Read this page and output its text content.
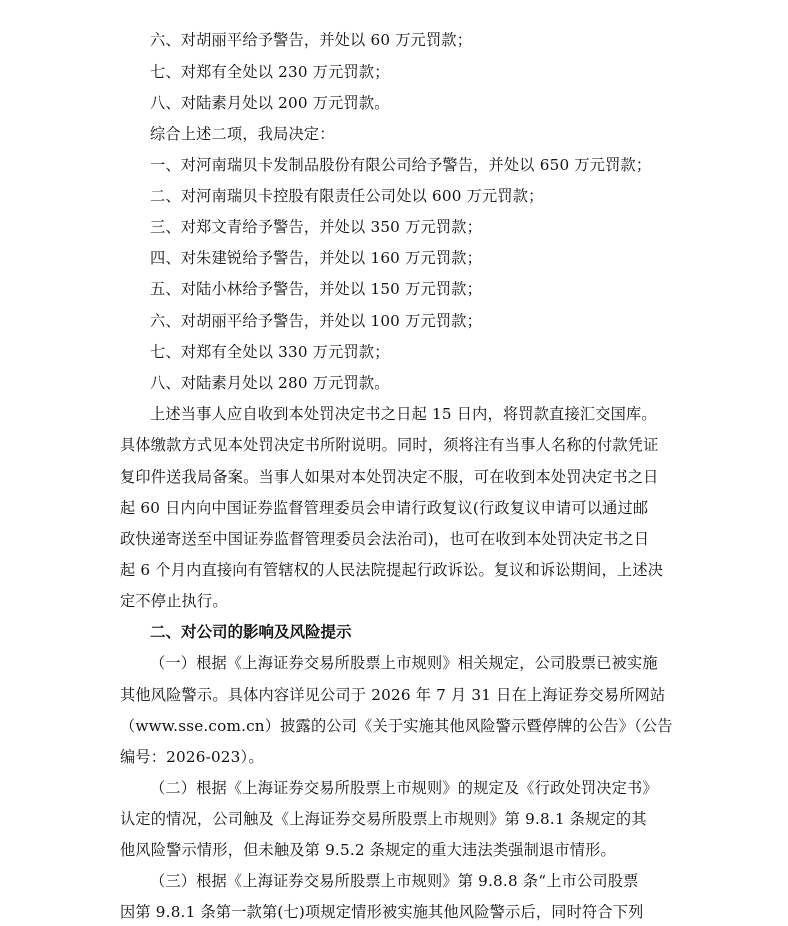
六、对胡丽平给予警告，并处以 60 万元罚款；
七、对郑有全处以 230 万元罚款；
八、对陆素月处以 200 万元罚款。
综合上述二项，我局决定：
一、对河南瑞贝卡发制品股份有限公司给予警告，并处以 650 万元罚款；
二、对河南瑞贝卡控股有限责任公司处以 600 万元罚款；
三、对郑文青给予警告，并处以 350 万元罚款；
四、对朱建锐给予警告，并处以 160 万元罚款；
五、对陆小林给予警告，并处以 150 万元罚款；
六、对胡丽平给予警告，并处以 100 万元罚款；
七、对郑有全处以 330 万元罚款；
八、对陆素月处以 280 万元罚款。
上述当事人应自收到本处罚决定书之日起 15 日内，将罚款直接汇交国库。
具体缴款方式见本处罚决定书所附说明。同时，须将注有当事人名称的付款凭证
复印件送我局备案。当事人如果对本处罚决定不服，可在收到本处罚决定书之日
起 60 日内向中国证券监督管理委员会申请行政复议(行政复议申请可以通过邮
政快递寄送至中国证券监督管理委员会法治司)，也可在收到本处罚决定书之日
起 6 个月内直接向有管辖权的人民法院提起行政诉讼。复议和诉讼期间，上述决
定不停止执行。
二、对公司的影响及风险提示
（一）根据《上海证券交易所股票上市规则》相关规定，公司股票已被实施
其他风险警示。具体内容详见公司于 2026 年 7 月 31 日在上海证券交易所网站
（www.sse.com.cn）披露的公司《关于实施其他风险警示暨停牌的公告》（公告
编号：2026-023）。
（二）根据《上海证券交易所股票上市规则》的规定及《行政处罚决定书》
认定的情况，公司触及《上海证券交易所股票上市规则》第 9.8.1 条规定的其
他风险警示情形，但未触及第 9.5.2 条规定的重大违法类强制退市情形。
（三）根据《上海证券交易所股票上市规则》第 9.8.8 条“上市公司股票
因第 9.8.1 条第一款第(七)项规定情形被实施其他风险警示后，同时符合下列
